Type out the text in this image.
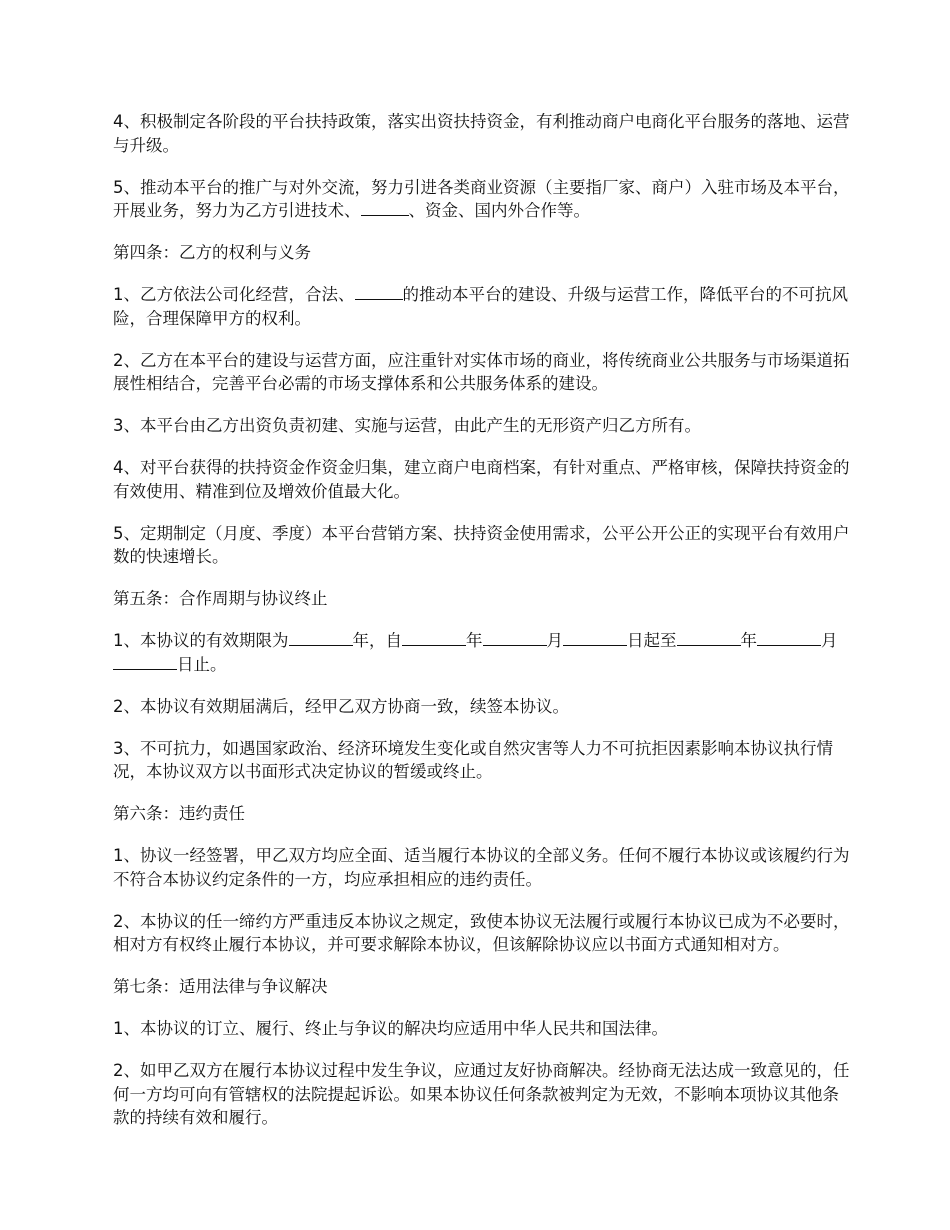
4、积极制定各阶段的平台扶持政策，落实出资扶持资金，有利推动商户电商化平台服务的落地、运营与升级。

5、推动本平台的推广与对外交流，努力引进各类商业资源（主要指厂家、商户）入驻市场及本平台，开展业务，努力为乙方引进技术、	、资金、国内外合作等。

第四条：乙方的权利与义务

1、乙方依法公司化经营，合法、	的推动本平台的建设、升级与运营工作，降低平台的不可抗风险，合理保障甲方的权利。

2、乙方在本平台的建设与运营方面，应注重针对实体市场的商业，将传统商业公共服务与市场渠道拓展性相结合，完善平台必需的市场支撑体系和公共服务体系的建设。

3、本平台由乙方出资负责初建、实施与运营，由此产生的无形资产归乙方所有。

4、对平台获得的扶持资金作资金归集，建立商户电商档案，有针对重点、严格审核，保障扶持资金的有效使用、精准到位及增效价值最大化。

5、定期制定（月度、季度）本平台营销方案、扶持资金使用需求，公平公开公正的实现平台有效用户数的快速增长。

第五条：合作周期与协议终止

1、本协议的有效期限为	年，自	年	月	日起至	年	月日止。

2、本协议有效期届满后，经甲乙双方协商一致，续签本协议。

3、不可抗力，如遇国家政治、经济环境发生变化或自然灾害等人力不可抗拒因素影响本协议执行情况，本协议双方以书面形式决定协议的暂缓或终止。

第六条：违约责任

1、协议一经签署，甲乙双方均应全面、适当履行本协议的全部义务。任何不履行本协议或该履约行为不符合本协议约定条件的一方，均应承担相应的违约责任。

2、本协议的任一缔约方严重违反本协议之规定，致使本协议无法履行或履行本协议已成为不必要时，相对方有权终止履行本协议，并可要求解除本协议，但该解除协议应以书面方式通知相对方。

第七条：适用法律与争议解决

1、本协议的订立、履行、终止与争议的解决均应适用中华人民共和国法律。

2、如甲乙双方在履行本协议过程中发生争议，应通过友好协商解决。经协商无法达成一致意见的，任何一方均可向有管辖权的法院提起诉讼。如果本协议任何条款被判定为无效，不影响本项协议其他条款的持续有效和履行。
